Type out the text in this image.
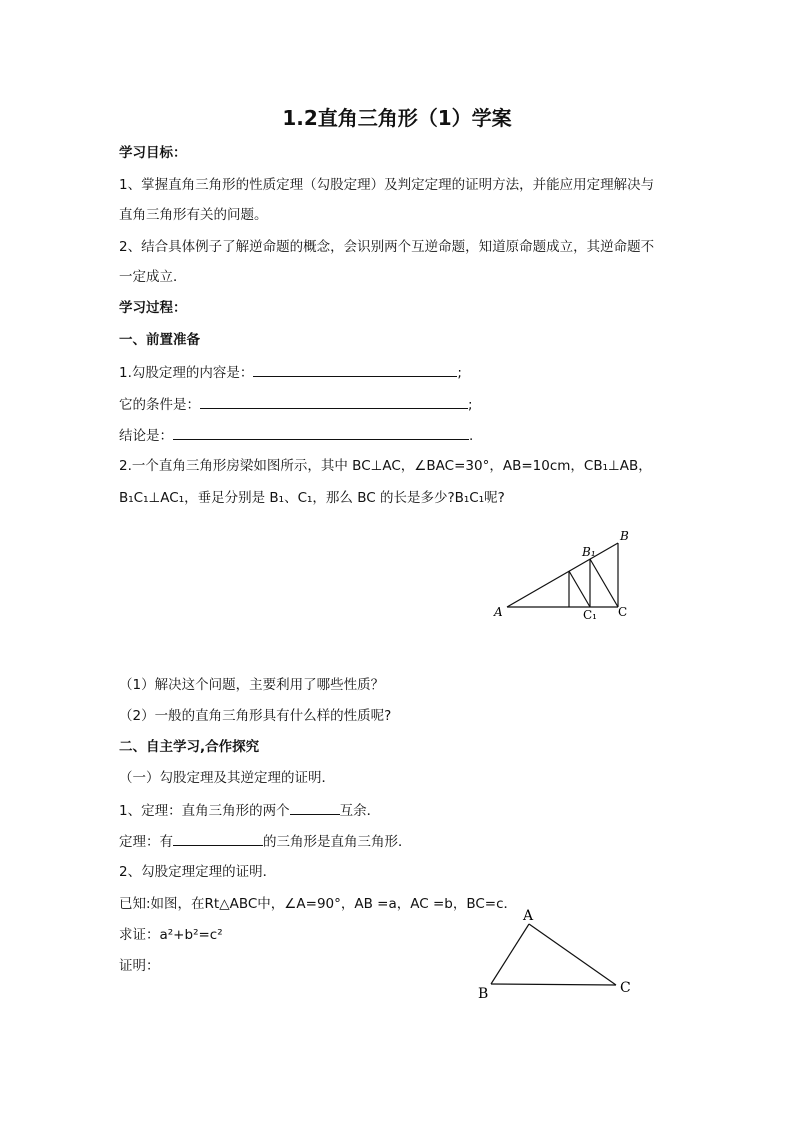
1.2直角三角形（1）学案
学习目标：
1、掌握直角三角形的性质定理（勾股定理）及判定定理的证明方法，并能应用定理解决与
直角三角形有关的问题。
2、结合具体例子了解逆命题的概念，会识别两个互逆命题，知道原命题成立，其逆命题不
一定成立．
学习过程：
一、前置准备
1.勾股定理的内容是：	;
它的条件是：	;
结论是：	.
2.一个直角三角形房梁如图所示，其中 BC⊥AC，∠BAC=30°，AB=10cm，CB₁⊥AB，
B₁C₁⊥AC₁，垂足分别是 B₁、C₁，那么 BC 的长是多少?B₁C₁呢?
A
B
C
B₁
C₁
（1）解决这个问题，主要利用了哪些性质？
（2）一般的直角三角形具有什么样的性质呢?
二、自主学习,合作探究
（一）勾股定理及其逆定理的证明．
1、定理：直角三角形的两个	互余．
定理：有	的三角形是直角三角形．
2、勾股定理定理的证明．
已知:如图，在Rt△ABC中，∠A=90°，AB =a，AC =b，BC=c．
求证：a²+b²=c²
证明：
A
B	C
